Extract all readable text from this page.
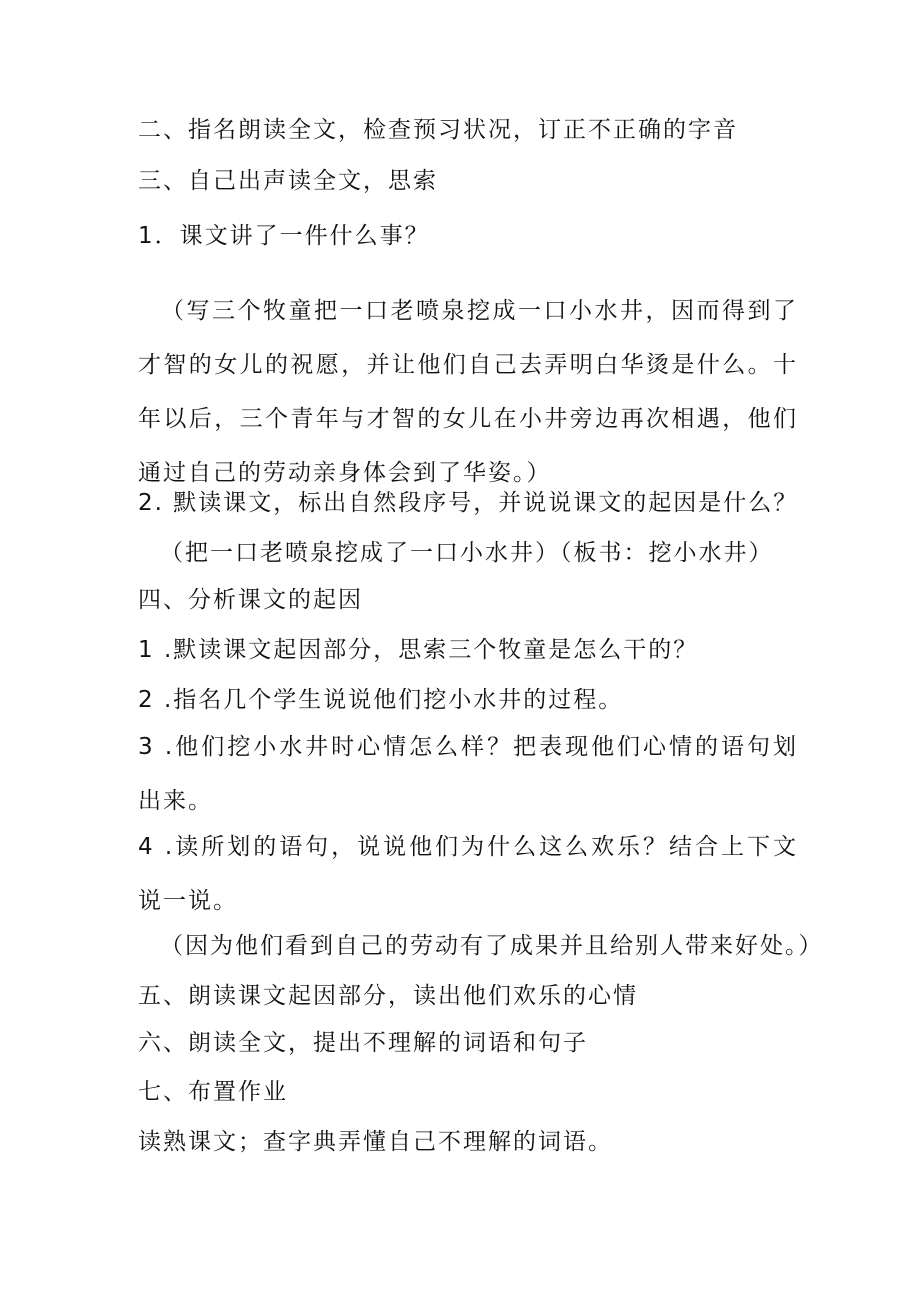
二、指名朗读全文，检查预习状况，订正不正确的字音
三、自己出声读全文，思索
1．课文讲了一件什么事？
（写三个牧童把一口老喷泉挖成一口小水井，因而得到了才智的女儿的祝愿，并让他们自己去弄明白华烫是什么。十年以后，三个青年与才智的女儿在小井旁边再次相遇，他们通过自己的劳动亲身体会到了华姿。）
2. 默读课文，标出自然段序号，并说说课文的起因是什么？
（把一口老喷泉挖成了一口小水井）（板书：挖小水井）
四、分析课文的起因
1 .默读课文起因部分，思索三个牧童是怎么干的？
2 .指名几个学生说说他们挖小水井的过程。
3 .他们挖小水井时心情怎么样？把表现他们心情的语句划出来。
4 .读所划的语句，说说他们为什么这么欢乐？结合上下文说一说。
（因为他们看到自己的劳动有了成果并且给别人带来好处。）
五、朗读课文起因部分，读出他们欢乐的心情
六、朗读全文，提出不理解的词语和句子
七、布置作业
读熟课文；查字典弄懂自己不理解的词语。
